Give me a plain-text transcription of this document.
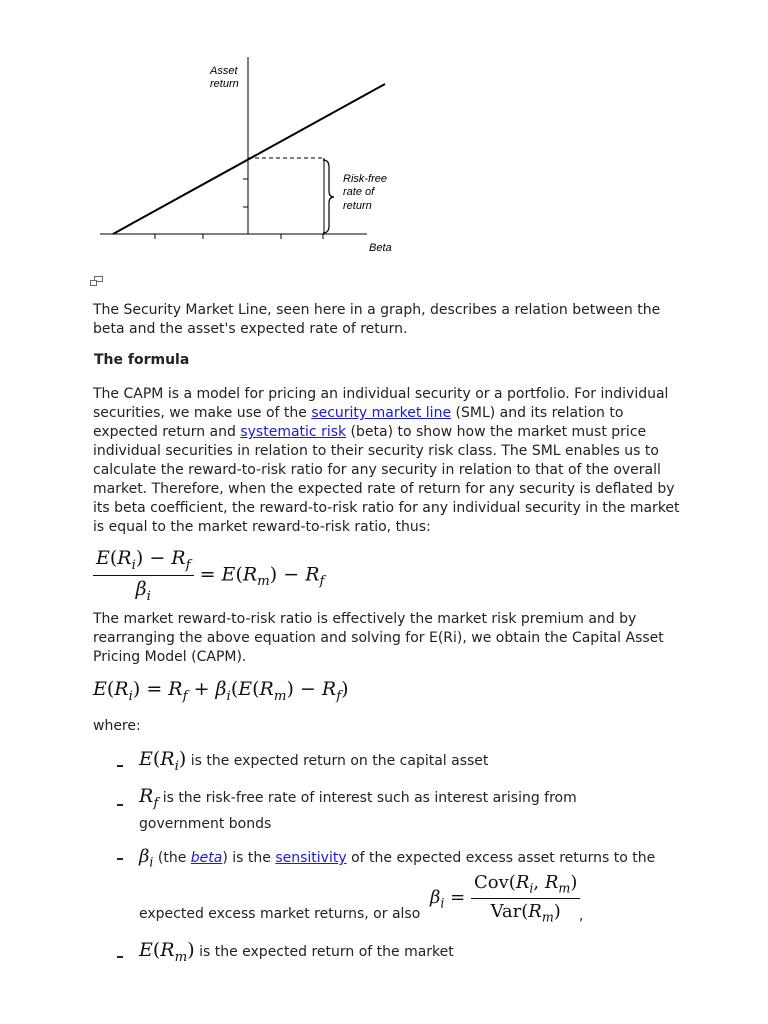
Asset
return
Risk-free
rate of
return
Beta

The Security Market Line, seen here in a graph, describes a relation between the beta and the asset's expected rate of return.

The formula

The CAPM is a model for pricing an individual security or a portfolio. For individual securities, we make use of the security market line (SML) and its relation to expected return and systematic risk (beta) to show how the market must price individual securities in relation to their security risk class. The SML enables us to calculate the reward-to-risk ratio for any security in relation to that of the overall market. Therefore, when the expected rate of return for any security is deflated by its beta coefficient, the reward-to-risk ratio for any individual security in the market is equal to the market reward-to-risk ratio, thus:

$\frac{E(R_i) - R_f}{\beta_i} = E(R_m) - R_f$

The market reward-to-risk ratio is effectively the market risk premium and by rearranging the above equation and solving for E(Ri), we obtain the Capital Asset Pricing Model (CAPM).

$E(R_i) = R_f + \beta_i(E(R_m) - R_f)$
where:
$E(R_i)$ is the expected return on the capital asset
$R_f$ is the risk-free rate of interest such as interest arising from government bonds
$\beta_i$ (the beta) is the sensitivity of the expected excess asset returns to the
expected excess market returns, or also
$\beta_i = \frac{Cov(R_i, R_m)}{Var(R_m)}$
,
$E(R_m)$ is the expected return of the market
